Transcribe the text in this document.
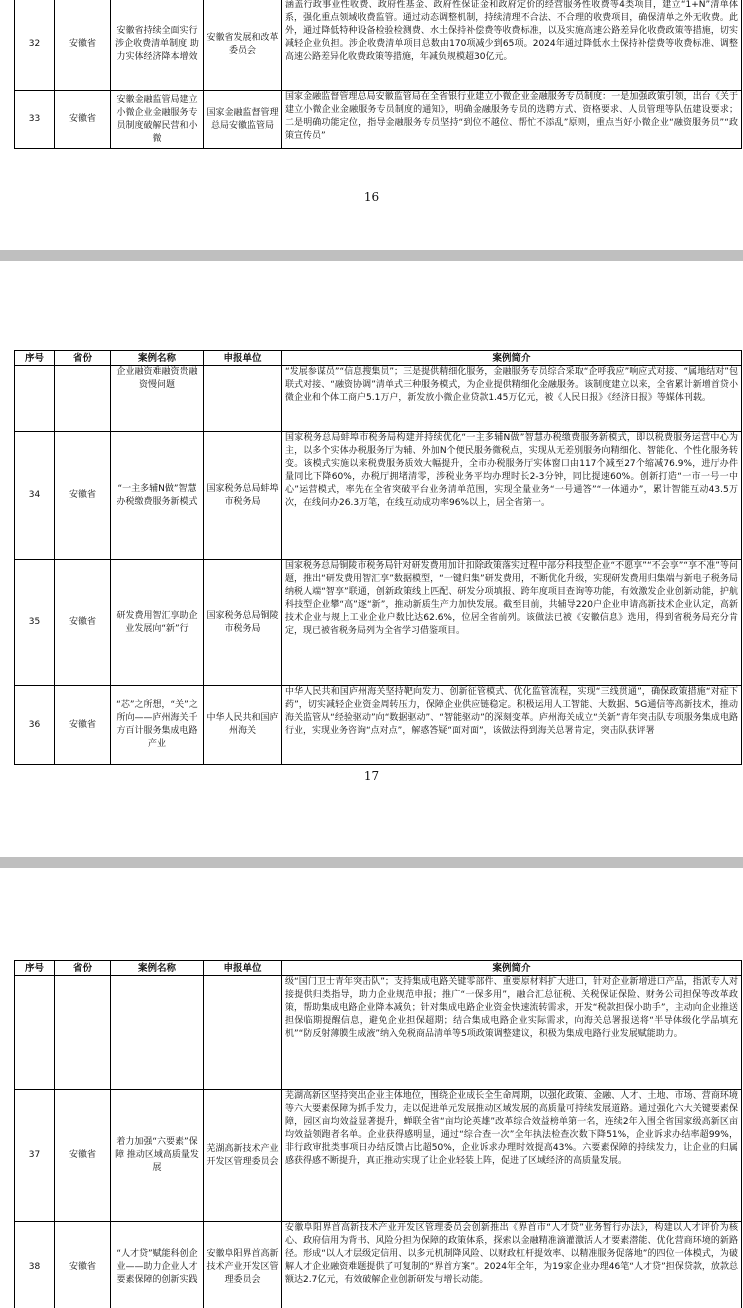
32	安徽省	安徽省持续全面实行涉企收费清单制度 助力实体经济降本增效	安徽省发展和改革委员会	涵盖行政事业性收费、政府性基金、政府性保证金和政府定价的经营服务性收费等4类项目，建立“1+N”清单体系，强化重点领域收费监管。通过动态调整机制，持续清理不合法、不合理的收费项目，确保清单之外无收费。此外，通过降低特种设备检验检测费、水土保持补偿费等收费标准，以及实施高速公路差异化收费政策等措施，切实减轻企业负担。涉企收费清单项目总数由170项减少到65项。2024年通过降低水土保持补偿费等收费标准、调整高速公路差异化收费政策等措施，年减负规模超30亿元。
33	安徽省	安徽金融监管局建立小微企业金融服务专员制度破解民营和小微	国家金融监督管理总局安徽监管局	国家金融监督管理总局安徽监管局在全省银行业建立小微企业金融服务专员制度：一是加强政策引领，出台《关于建立小微企业金融服务专员制度的通知》，明确金融服务专员的选聘方式、资格要求、人员管理等队伍建设要求；二是明确功能定位，指导金融服务专员坚持“到位不越位、帮忙不添乱”原则，重点当好小微企业“融资服务员”“政策宣传员”
16
序号	省份	案例名称	申报单位	案例简介
		企业融资难融资贵融资慢问题		“发展参谋员”“信息搜集员”；三是提供精细化服务，金融服务专员综合采取“企呼我应”响应式对接、“属地结对”包联式对接、“融资协调”清单式三种服务模式，为企业提供精细化金融服务。该制度建立以来，全省累计新增首贷小微企业和个体工商户5.1万户，新发放小微企业贷款1.45万亿元，被《人民日报》《经济日报》等媒体刊载。
34	安徽省	“一主多辅N做”智慧办税缴费服务新模式	国家税务总局蚌埠市税务局	国家税务总局蚌埠市税务局构建并持续优化“一主多辅N做”智慧办税缴费服务新模式，即以税费服务运营中心为主，以多个实体办税服务厅为辅、外加N个便民服务微税点，实现从无差别服务向精细化、智能化、个性化服务转变。该模式实施以来税费服务质效大幅提升，全市办税服务厅实体窗口由117个减至27个缩减76.9%，进厅办件量同比下降60%，办税厅拥堵清零，涉税业务平均办理时长2-3分钟，同比提速60%。创新打造“一市一号一中心”运营模式，率先在全省突破平台业务清单范围，实现全量业务“一号通答”“一体通办”，累计智能互动43.5万次，在线问办26.3万笔，在线互动成功率96%以上，居全省第一。
35	安徽省	研发费用智汇享助企业发展向“新”行	国家税务总局铜陵市税务局	国家税务总局铜陵市税务局针对研发费用加计扣除政策落实过程中部分科技型企业“不愿享”“不会享”“享不准”等问题，推出“研发费用智汇享”数据模型，“一键归集”研发费用，不断优化升级，实现研发费用归集端与新电子税务局纳税人端“智享”联通，创新政策线上匹配、研发分项填报、跨年度项目查询等功能，有效激发企业创新动能，护航科技型企业攀“高”逐“新”，推动新质生产力加快发展。截至目前，共辅导220户企业申请高新技术企业认定，高新技术企业与规上工业企业户数比达62.6%，位居全省前列。该做法已被《安徽信息》选用，得到省税务局充分肯定，现已被省税务局列为全省学习借鉴项目。
36	安徽省	“芯”之所想，“关”之所向——庐州海关千方百计服务集成电路产业	中华人民共和国庐州海关	中华人民共和国庐州海关坚持靶向发力、创新征管模式、优化监管流程，实现“三线贯通”，确保政策措施“对症下药”，切实减轻企业资金周转压力，保障企业供应链稳定。积极运用人工智能、大数据、5G通信等高新技术，推动海关监管从“经验驱动”向“数据驱动”、“智能驱动”的深刻变革。庐州海关成立“关新”青年突击队专项服务集成电路行业，实现业务咨询“点对点”，解惑答疑“面对面”，该做法得到海关总署肯定，突击队获评署
17
序号	省份	案例名称	申报单位	案例简介
				级“国门卫士青年突击队”；支持集成电路关键零部件、重要原材料扩大进口，针对企业新增进口产品，指派专人对接提供归类指导，助力企业规范申报；推广“一保多用”，融合汇总征税、关税保证保险、财务公司担保等改革政策，帮助集成电路企业降本减负；针对集成电路企业资金快速流转需求，开发“税款担保小助手”，主动向企业推送担保临期提醒信息，避免企业担保超期；结合集成电路企业实际需求，向海关总署报送将“半导体级化学品填充机”“防反射薄膜生成液”纳入免税商品清单等5项政策调整建议，积极为集成电路行业发展赋能助力。
37	安徽省	着力加强“六要素”保障 推动区域高质量发展	芜湖高新技术产业开发区管理委员会	芜湖高新区坚持突出企业主体地位，围绕企业成长全生命周期，以强化政策、金融、人才、土地、市场、营商环境等六大要素保障为抓手发力，走以促进单元发展推动区域发展的高质量可持续发展道路。通过强化六大关键要素保障，园区亩均效益显著提升，蝉联全省“亩均论英雄”改革综合效益榜单第一名，连续2年入围全省国家级高新区亩均效益领跑者名单。企业获得感明显，通过“综合查一次”全年执法检查次数下降51%，企业诉求办结率超99%，非行政审批类事项日办结反馈占比超50%，企业诉求办理时效提高43%。六要素保障的持续发力，让企业的归属感获得感不断提升，真正推动实现了让企业轻装上阵，促进了区域经济的高质量发展。
38	安徽省	“人才贷”赋能科创企业——助力企业人才要素保障的创新实践	安徽阜阳界首高新技术产业开发区管理委员会	安徽阜阳界首高新技术产业开发区管理委员会创新推出《界首市“人才贷”业务暂行办法》，构建以人才评价为核心、政府信用为背书、风险分担为保障的政策体系，探索以金融精准滴灌激活人才要素潜能、优化营商环境的新路径。形成“以人才层级定信用、以多元机制降风险、以财政杠杆提效率、以精准服务促落地”的四位一体模式，为破解人才企业融资难题提供了可复制的“界首方案”。2024年全年，为19家企业办理46笔“人才贷”担保贷款，放款总额达2.7亿元，有效破解企业创新研发与增长动能。
